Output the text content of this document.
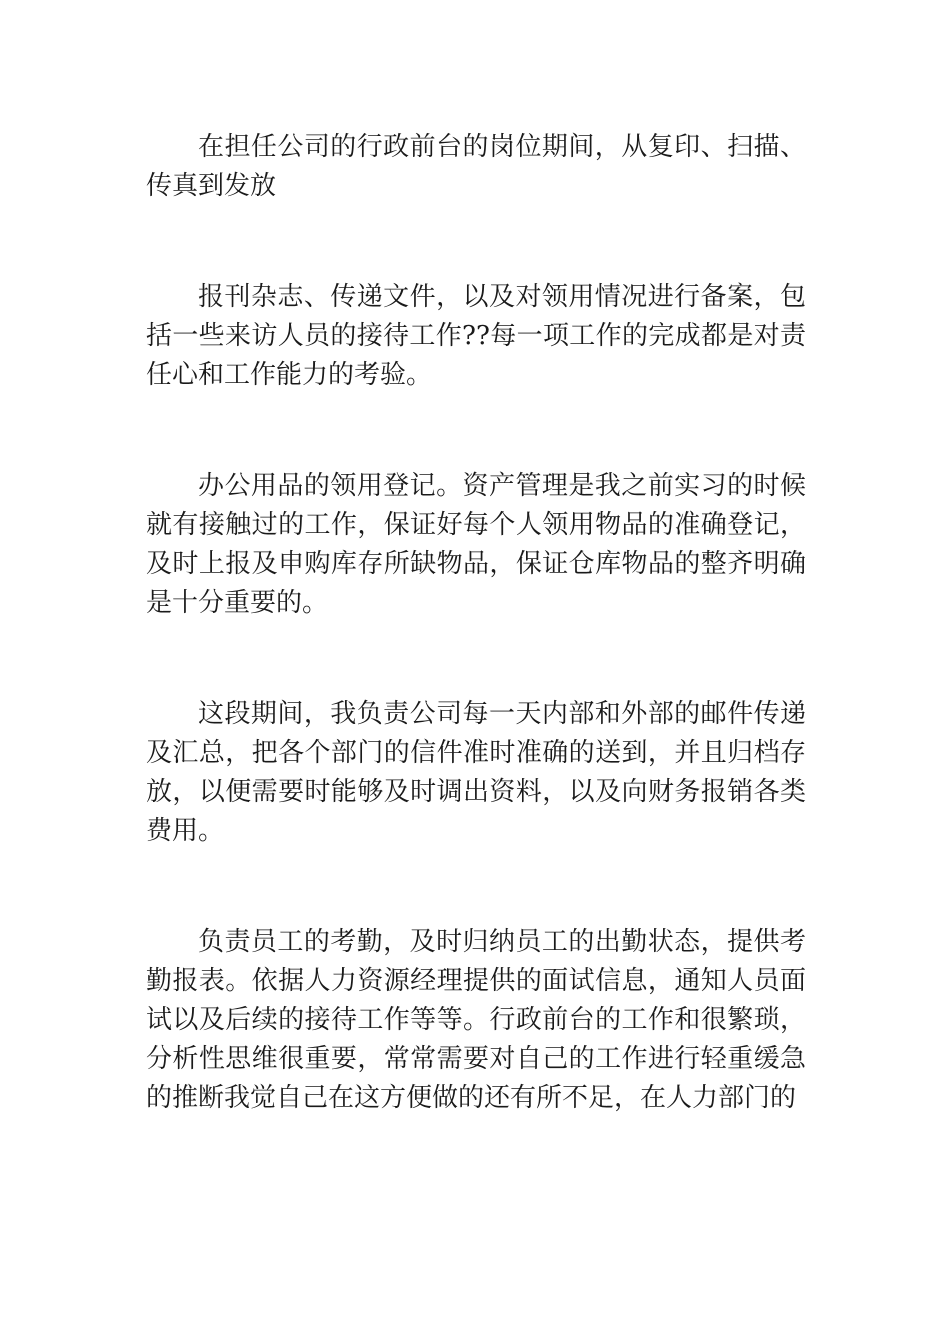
在担任公司的行政前台的岗位期间，从复印、扫描、传真到发放

报刊杂志、传递文件，以及对领用情况进行备案，包括一些来访人员的接待工作??每一项工作的完成都是对责任心和工作能力的考验。

办公用品的领用登记。资产管理是我之前实习的时候就有接触过的工作，保证好每个人领用物品的准确登记，及时上报及申购库存所缺物品，保证仓库物品的整齐明确是十分重要的。

这段期间，我负责公司每一天内部和外部的邮件传递及汇总，把各个部门的信件准时准确的送到，并且归档存放，以便需要时能够及时调出资料，以及向财务报销各类费用。

负责员工的考勤，及时归纳员工的出勤状态，提供考勤报表。依据人力资源经理提供的面试信息，通知人员面试以及后续的接待工作等等。行政前台的工作和很繁琐，分析性思维很重要，常常需要对自己的工作进行轻重缓急的推断我觉自己在这方便做的还有所不足，在人力部门的
